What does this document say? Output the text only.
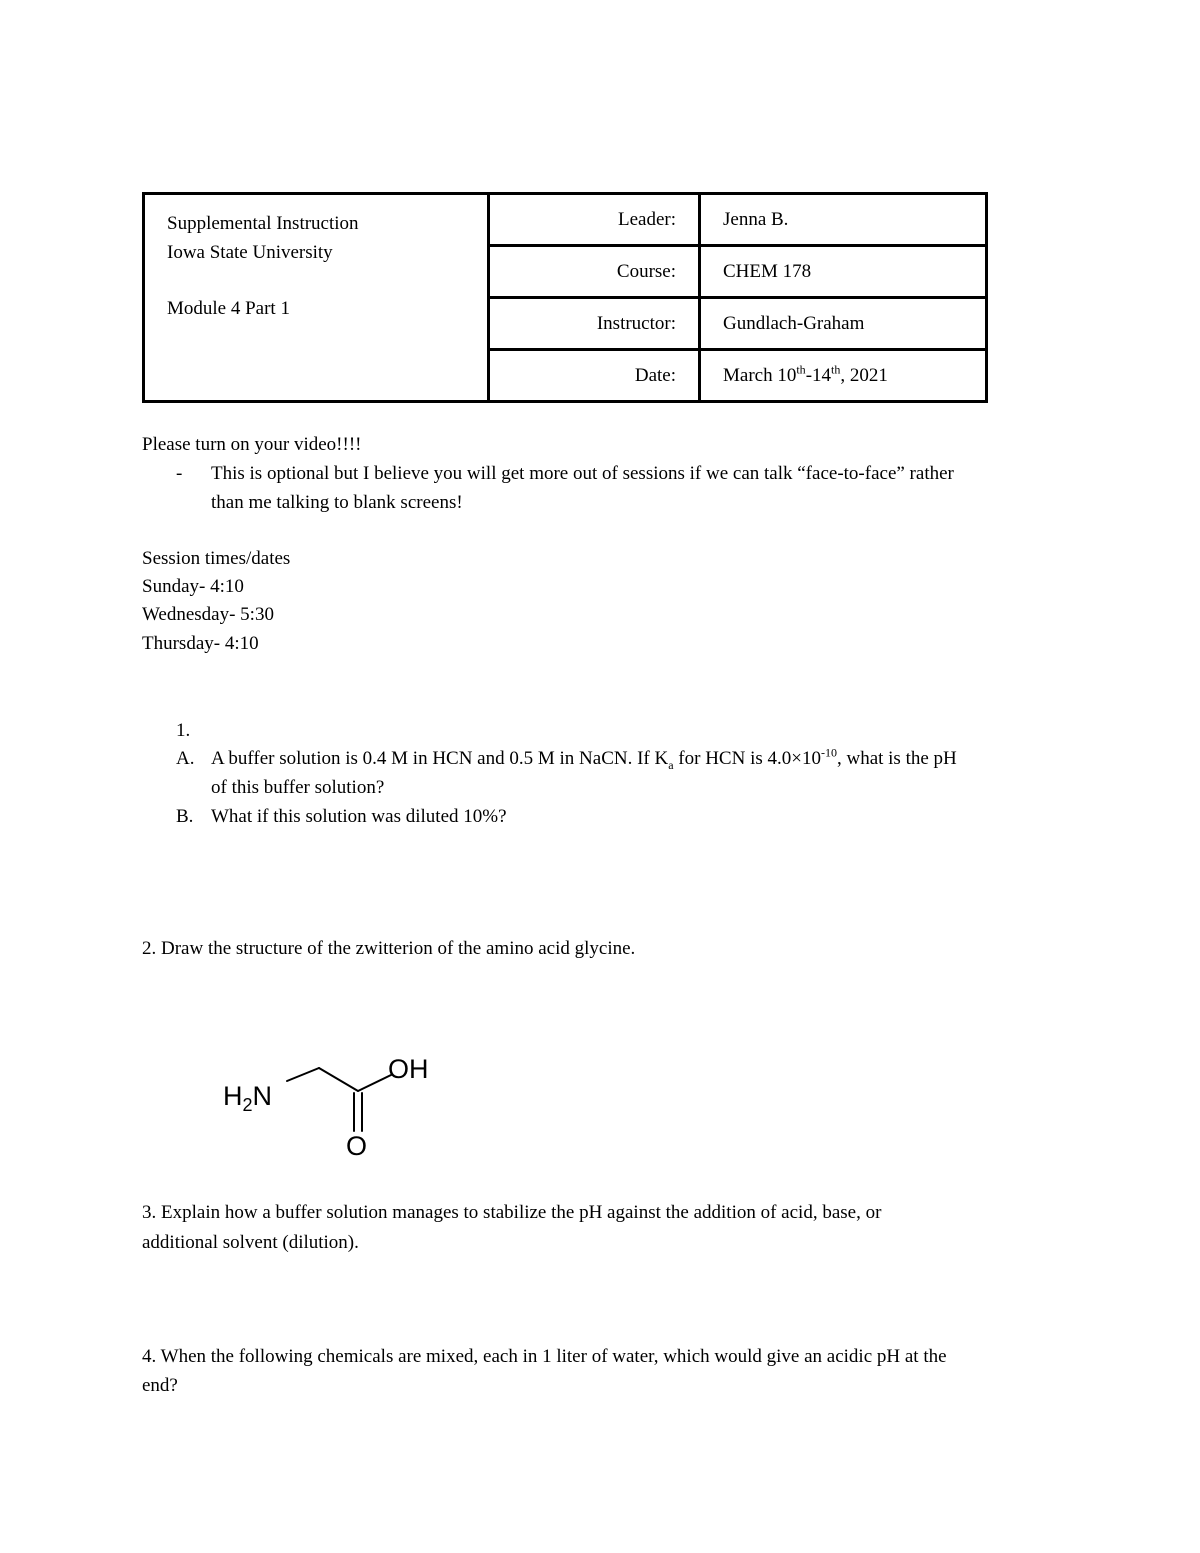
Supplemental Instruction
Iowa State University
Module 4 Part 1	Leader:	Jenna B.
	Course:	CHEM 178
	Instructor:	Gundlach-Graham
	Date:	March 10th-14th, 2021
Please turn on your video!!!!
- This is optional but I believe you will get more out of sessions if we can talk “face-to-face” rather
than me talking to blank screens!
Session times/dates
Sunday- 4:10
Wednesday- 5:30
Thursday- 4:10
1.
A. A buffer solution is 0.4 M in HCN and 0.5 M in NaCN. If $K_a$ for HCN is $4.0\times 10^{-10}$, what is the pH
of this buffer solution?
B. What if this solution was diluted 10%?
2. Draw the structure of the zwitterion of the amino acid glycine.
$H_2N$
OH
O
3. Explain how a buffer solution manages to stabilize the pH against the addition of acid, base, or
additional solvent (dilution).
4. When the following chemicals are mixed, each in 1 liter of water, which would give an acidic pH at the
end?
